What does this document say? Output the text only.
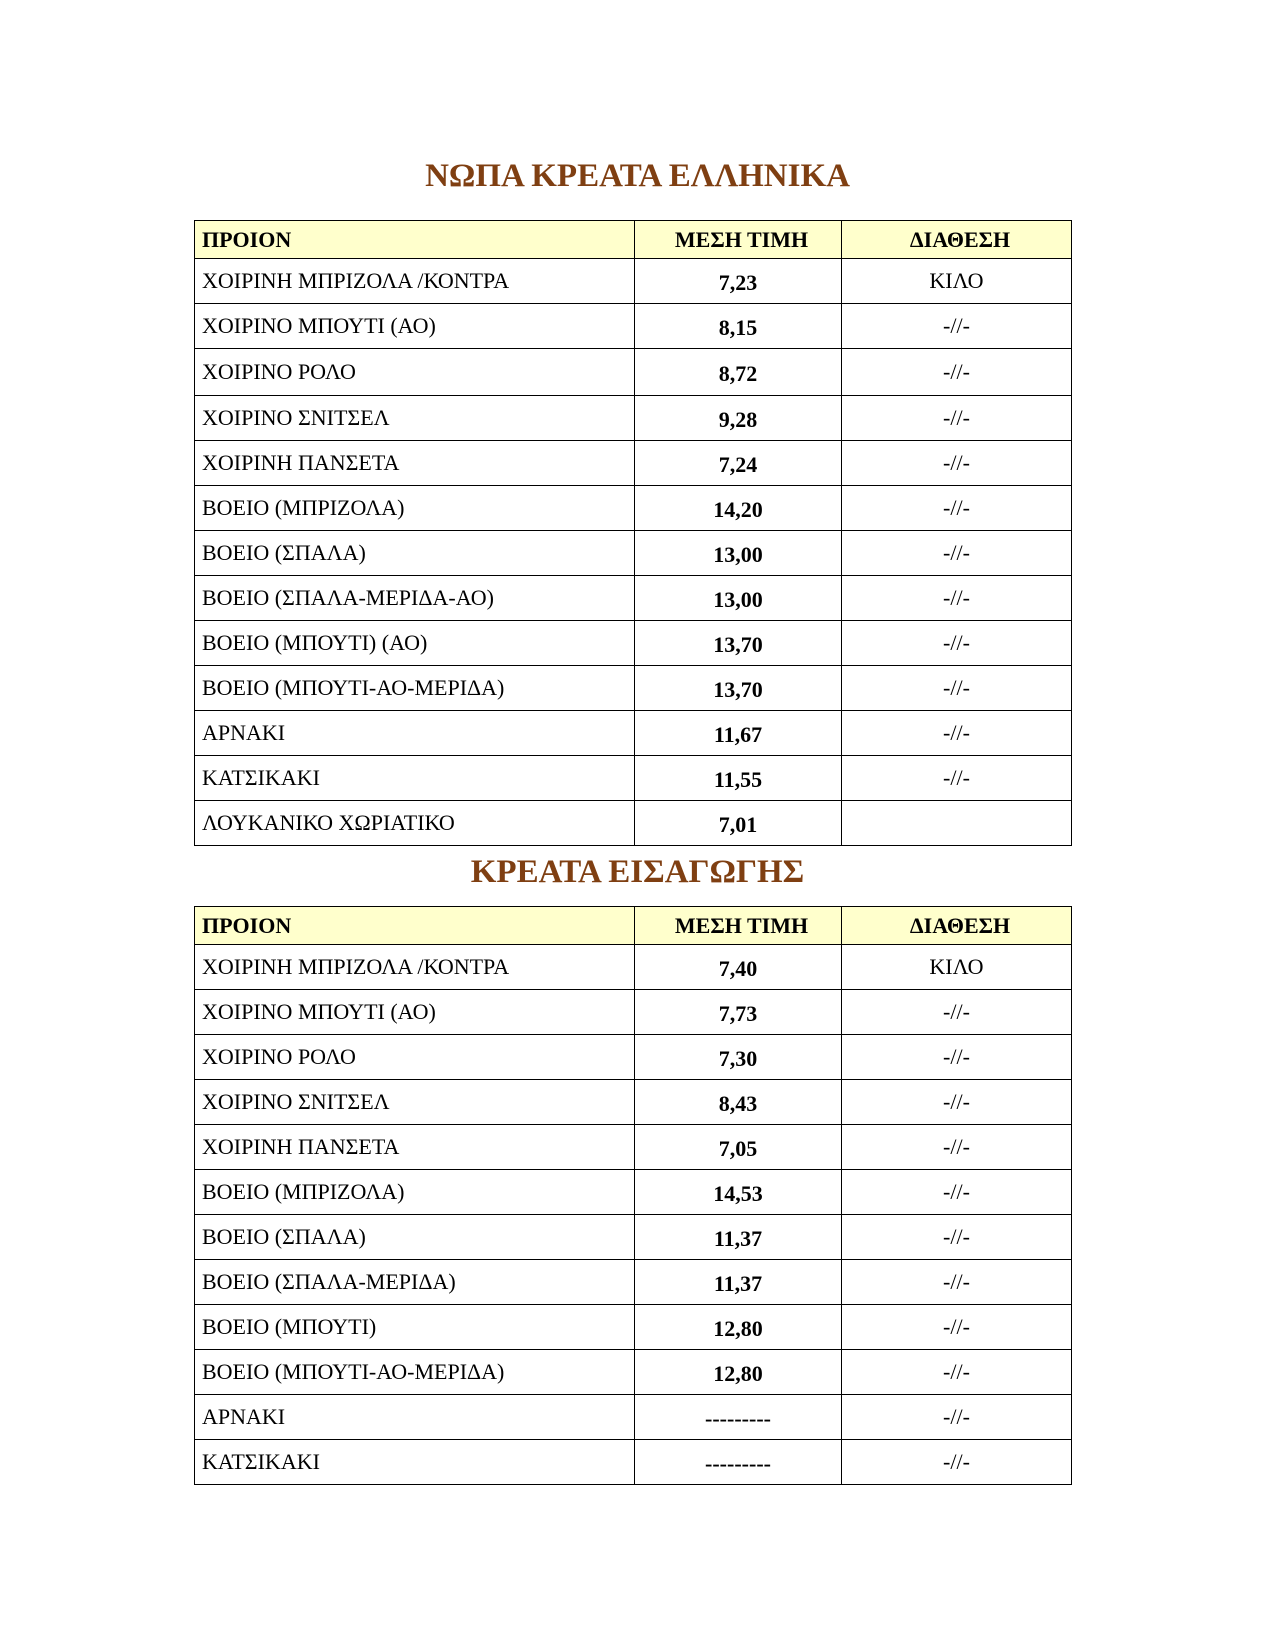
ΝΩΠΑ ΚΡΕΑΤΑ ΕΛΛΗΝΙΚΑ
ΠΡΟΙΟΝ	ΜΕΣΗ ΤΙΜΗ	ΔΙΑΘΕΣΗ
ΧΟΙΡΙΝΗ ΜΠΡΙΖΟΛΑ /ΚΟΝΤΡΑ	7,23	ΚΙΛΟ
ΧΟΙΡΙΝΟ ΜΠΟΥΤΙ (ΑΟ)	8,15	-//-
ΧΟΙΡΙΝΟ ΡΟΛΟ	8,72	-//-
ΧΟΙΡΙΝΟ ΣΝΙΤΣΕΛ	9,28	-//-
ΧΟΙΡΙΝΗ ΠΑΝΣΕΤΑ	7,24	-//-
ΒΟΕΙΟ (ΜΠΡΙΖΟΛΑ)	14,20	-//-
ΒΟΕΙΟ (ΣΠΑΛΑ)	13,00	-//-
ΒΟΕΙΟ (ΣΠΑΛΑ-ΜΕΡΙΔΑ-ΑΟ)	13,00	-//-
ΒΟΕΙΟ (ΜΠΟΥΤΙ) (ΑΟ)	13,70	-//-
ΒΟΕΙΟ (ΜΠΟΥΤΙ-ΑΟ-ΜΕΡΙΔΑ)	13,70	-//-
ΑΡΝΑΚΙ	11,67	-//-
ΚΑΤΣΙΚΑΚΙ	11,55	-//-
ΛΟΥΚΑΝΙΚΟ ΧΩΡΙΑΤΙΚΟ	7,01	
ΚΡΕΑΤΑ ΕΙΣΑΓΩΓΗΣ
ΠΡΟΙΟΝ	ΜΕΣΗ ΤΙΜΗ	ΔΙΑΘΕΣΗ
ΧΟΙΡΙΝΗ ΜΠΡΙΖΟΛΑ /ΚΟΝΤΡΑ	7,40	ΚΙΛΟ
ΧΟΙΡΙΝΟ ΜΠΟΥΤΙ (ΑΟ)	7,73	-//-
ΧΟΙΡΙΝΟ ΡΟΛΟ	7,30	-//-
ΧΟΙΡΙΝΟ ΣΝΙΤΣΕΛ	8,43	-//-
ΧΟΙΡΙΝΗ ΠΑΝΣΕΤΑ	7,05	-//-
ΒΟΕΙΟ (ΜΠΡΙΖΟΛΑ)	14,53	-//-
ΒΟΕΙΟ (ΣΠΑΛΑ)	11,37	-//-
ΒΟΕΙΟ (ΣΠΑΛΑ-ΜΕΡΙΔΑ)	11,37	-//-
ΒΟΕΙΟ (ΜΠΟΥΤΙ)	12,80	-//-
ΒΟΕΙΟ (ΜΠΟΥΤΙ-ΑΟ-ΜΕΡΙΔΑ)	12,80	-//-
ΑΡΝΑΚΙ	---------	-//-
ΚΑΤΣΙΚΑΚΙ	---------	-//-
